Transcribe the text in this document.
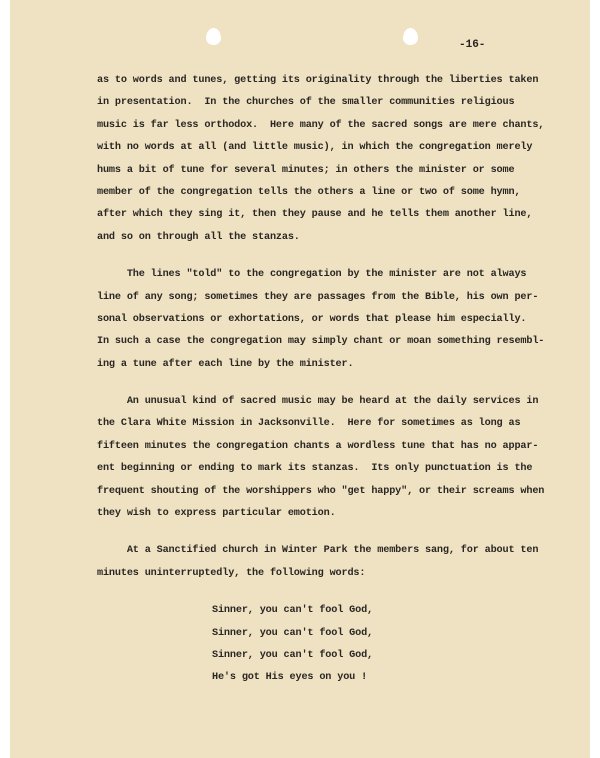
-16-
as to words and tunes, getting its originality through the liberties taken
in presentation.  In the churches of the smaller communities religious
music is far less orthodox.  Here many of the sacred songs are mere chants,
with no words at all (and little music), in which the congregation merely
hums a bit of tune for several minutes; in others the minister or some
member of the congregation tells the others a line or two of some hymn,
after which they sing it, then they pause and he tells them another line,
and so on through all the stanzas.
The lines "told" to the congregation by the minister are not always
line of any song; sometimes they are passages from the Bible, his own per-
sonal observations or exhortations, or words that please him especially.
In such a case the congregation may simply chant or moan something resembl-
ing a tune after each line by the minister.
An unusual kind of sacred music may be heard at the daily services in
the Clara White Mission in Jacksonville.  Here for sometimes as long as
fifteen minutes the congregation chants a wordless tune that has no appar-
ent beginning or ending to mark its stanzas.  Its only punctuation is the
frequent shouting of the worshippers who "get happy", or their screams when
they wish to express particular emotion.
At a Sanctified church in Winter Park the members sang, for about ten
minutes uninterruptedly, the following words:
Sinner, you can't fool God,
Sinner, you can't fool God,
Sinner, you can't fool God,
He's got His eyes on you !
